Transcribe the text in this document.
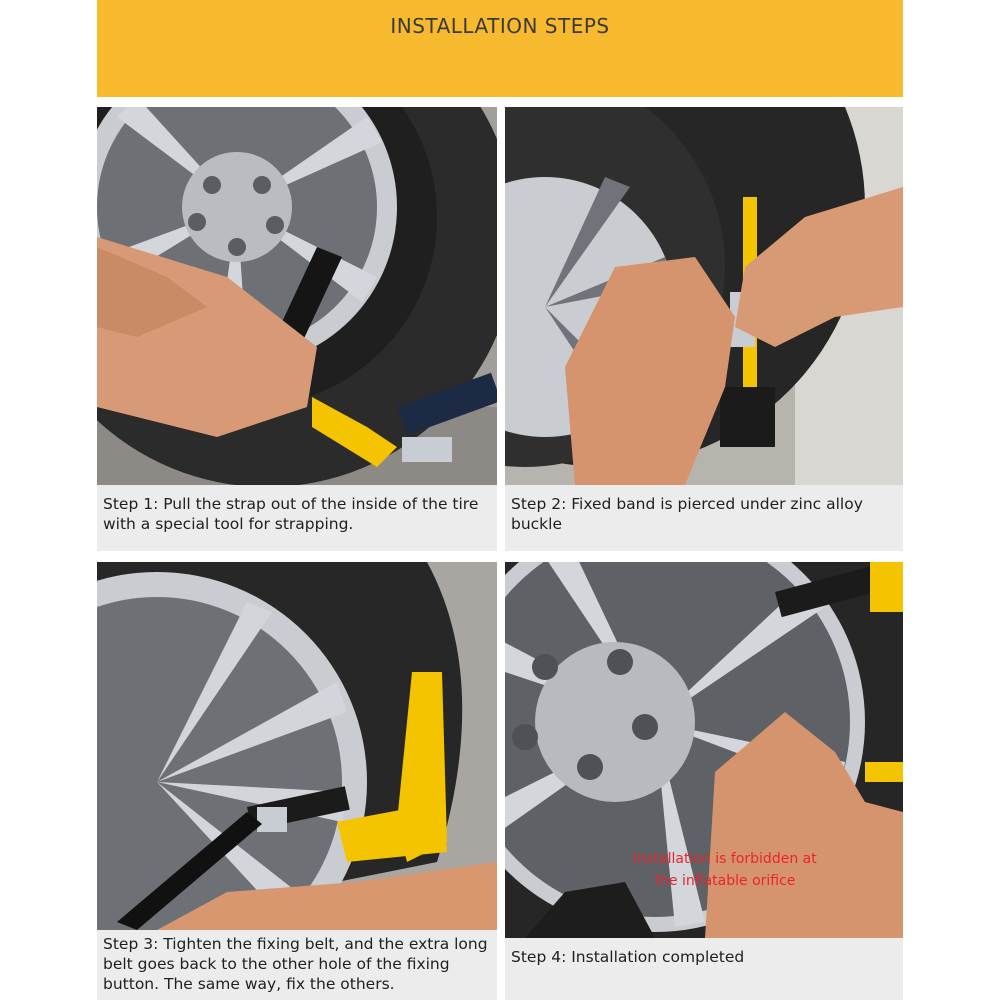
INSTALLATION STEPS
Step 1: Pull the strap out of the inside of the tire with a special tool for strapping.
Step 2: Fixed band is pierced under zinc alloy buckle
Step 3: Tighten the fixing belt, and the extra long belt goes back to the other hole of the fixing button. The same way, fix the others.
Installation is forbidden at
the inflatable orifice
Step 4: Installation completed
